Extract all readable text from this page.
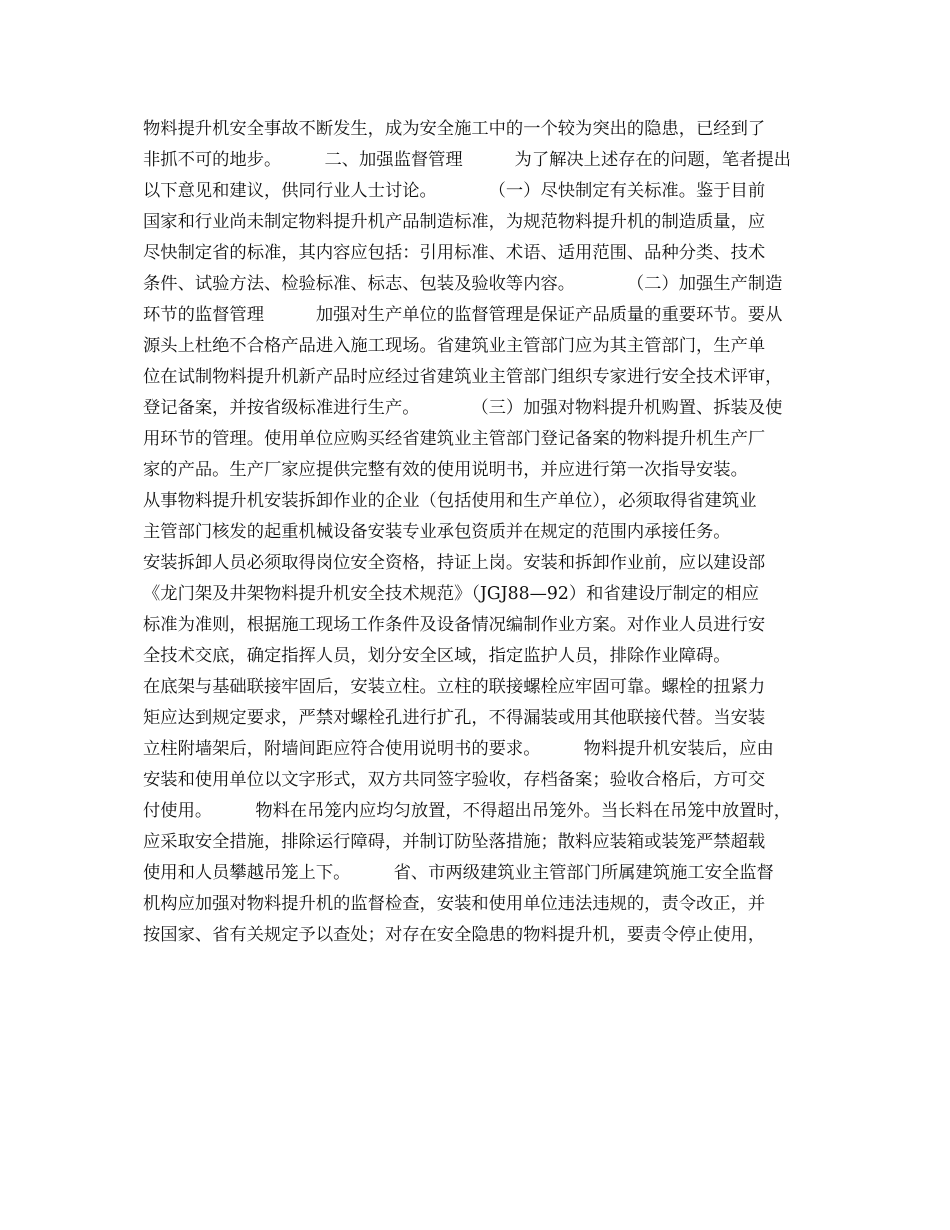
物料提升机安全事故不断发生，成为安全施工中的一个较为突出的隐患，已经到了
非抓不可的地步。　　　二、加强监督管理　　　为了解决上述存在的问题，笔者提出
以下意见和建议，供同行业人士讨论。　　　　（一）尽快制定有关标准。鉴于目前
国家和行业尚未制定物料提升机产品制造标准，为规范物料提升机的制造质量，应
尽快制定省的标准，其内容应包括：引用标准、术语、适用范围、品种分类、技术
条件、试验方法、检验标准、标志、包装及验收等内容。　　　　（二）加强生产制造
环节的监督管理　　　加强对生产单位的监督管理是保证产品质量的重要环节。要从
源头上杜绝不合格产品进入施工现场。省建筑业主管部门应为其主管部门，生产单
位在试制物料提升机新产品时应经过省建筑业主管部门组织专家进行安全技术评审，
登记备案，并按省级标准进行生产。　　　　（三）加强对物料提升机购置、拆装及使
用环节的管理。使用单位应购买经省建筑业主管部门登记备案的物料提升机生产厂
家的产品。生产厂家应提供完整有效的使用说明书，并应进行第一次指导安装。
从事物料提升机安装拆卸作业的企业（包括使用和生产单位），必须取得省建筑业
主管部门核发的起重机械设备安装专业承包资质并在规定的范围内承接任务。
安装拆卸人员必须取得岗位安全资格，持证上岗。安装和拆卸作业前，应以建设部
《龙门架及井架物料提升机安全技术规范》（JGJ88—92）和省建设厅制定的相应
标准为准则，根据施工现场工作条件及设备情况编制作业方案。对作业人员进行安
全技术交底，确定指挥人员，划分安全区域，指定监护人员，排除作业障碍。
在底架与基础联接牢固后，安装立柱。立柱的联接螺栓应牢固可靠。螺栓的扭紧力
矩应达到规定要求，严禁对螺栓孔进行扩孔，不得漏装或用其他联接代替。当安装
立柱附墙架后，附墙间距应符合使用说明书的要求。　　　物料提升机安装后，应由
安装和使用单位以文字形式，双方共同签字验收，存档备案；验收合格后，方可交
付使用。　　　物料在吊笼内应均匀放置，不得超出吊笼外。当长料在吊笼中放置时，
应采取安全措施，排除运行障碍，并制订防坠落措施；散料应装箱或装笼严禁超载
使用和人员攀越吊笼上下。　　　省、市两级建筑业主管部门所属建筑施工安全监督
机构应加强对物料提升机的监督检查，安装和使用单位违法违规的，责令改正，并
按国家、省有关规定予以查处；对存在安全隐患的物料提升机，要责令停止使用，
